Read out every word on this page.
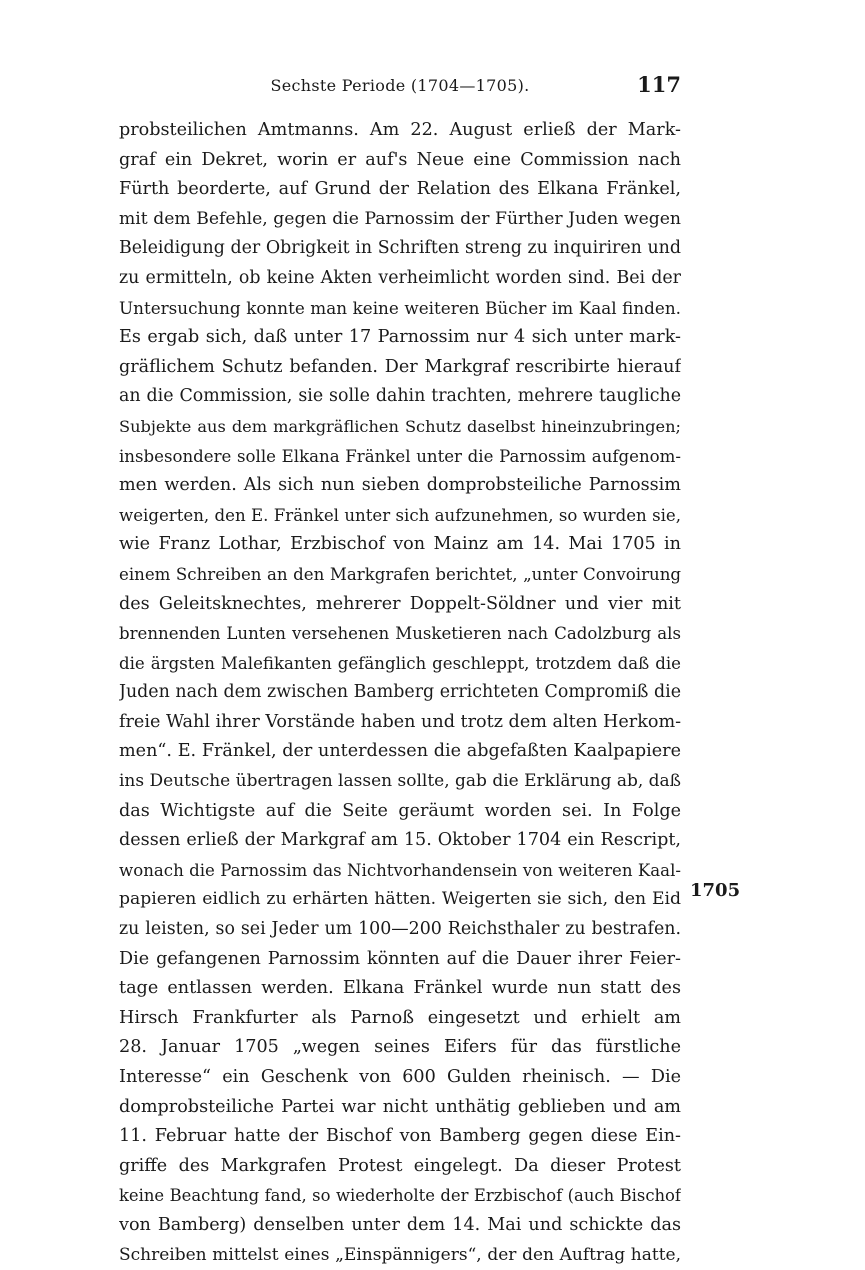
Sechste Periode (1704—1705).	117
probsteilichen Amtmanns. Am 22. August erließ der Mark-
graf ein Dekret, worin er auf's Neue eine Commission nach
Fürth beorderte, auf Grund der Relation des Elkana Fränkel,
mit dem Befehle, gegen die Parnossim der Fürther Juden wegen
Beleidigung der Obrigkeit in Schriften streng zu inquiriren und
zu ermitteln, ob keine Akten verheimlicht worden sind. Bei der
Untersuchung konnte man keine weiteren Bücher im Kaal finden.
Es ergab sich, daß unter 17 Parnossim nur 4 sich unter mark-
gräflichem Schutz befanden. Der Markgraf rescribirte hierauf
an die Commission, sie solle dahin trachten, mehrere taugliche
Subjekte aus dem markgräflichen Schutz daselbst hineinzubringen;
insbesondere solle Elkana Fränkel unter die Parnossim aufgenom-
men werden. Als sich nun sieben domprobsteiliche Parnossim
weigerten, den E. Fränkel unter sich aufzunehmen, so wurden sie,
wie Franz Lothar, Erzbischof von Mainz am 14. Mai 1705 in
einem Schreiben an den Markgrafen berichtet, „unter Convoirung
des Geleitsknechtes, mehrerer Doppelt-Söldner und vier mit
brennenden Lunten versehenen Musketieren nach Cadolzburg als
die ärgsten Malefikanten gefänglich geschleppt, trotzdem daß die
Juden nach dem zwischen Bamberg errichteten Compromiß die
freie Wahl ihrer Vorstände haben und trotz dem alten Herkom-
men“. E. Fränkel, der unterdessen die abgefaßten Kaalpapiere
ins Deutsche übertragen lassen sollte, gab die Erklärung ab, daß
das Wichtigste auf die Seite geräumt worden sei. In Folge
dessen erließ der Markgraf am 15. Oktober 1704 ein Rescript,
wonach die Parnossim das Nichtvorhandensein von weiteren Kaal-
papieren eidlich zu erhärten hätten. Weigerten sie sich, den Eid
zu leisten, so sei Jeder um 100—200 Reichsthaler zu bestrafen.
Die gefangenen Parnossim könnten auf die Dauer ihrer Feier-
tage entlassen werden. Elkana Fränkel wurde nun statt des
Hirsch Frankfurter als Parnoß eingesetzt und erhielt am
28. Januar 1705 „wegen seines Eifers für das fürstliche
Interesse“ ein Geschenk von 600 Gulden rheinisch. — Die
domprobsteiliche Partei war nicht unthätig geblieben und am
11. Februar hatte der Bischof von Bamberg gegen diese Ein-
griffe des Markgrafen Protest eingelegt. Da dieser Protest
keine Beachtung fand, so wiederholte der Erzbischof (auch Bischof
von Bamberg) denselben unter dem 14. Mai und schickte das
Schreiben mittelst eines „Einspännigers“, der den Auftrag hatte,
1705
